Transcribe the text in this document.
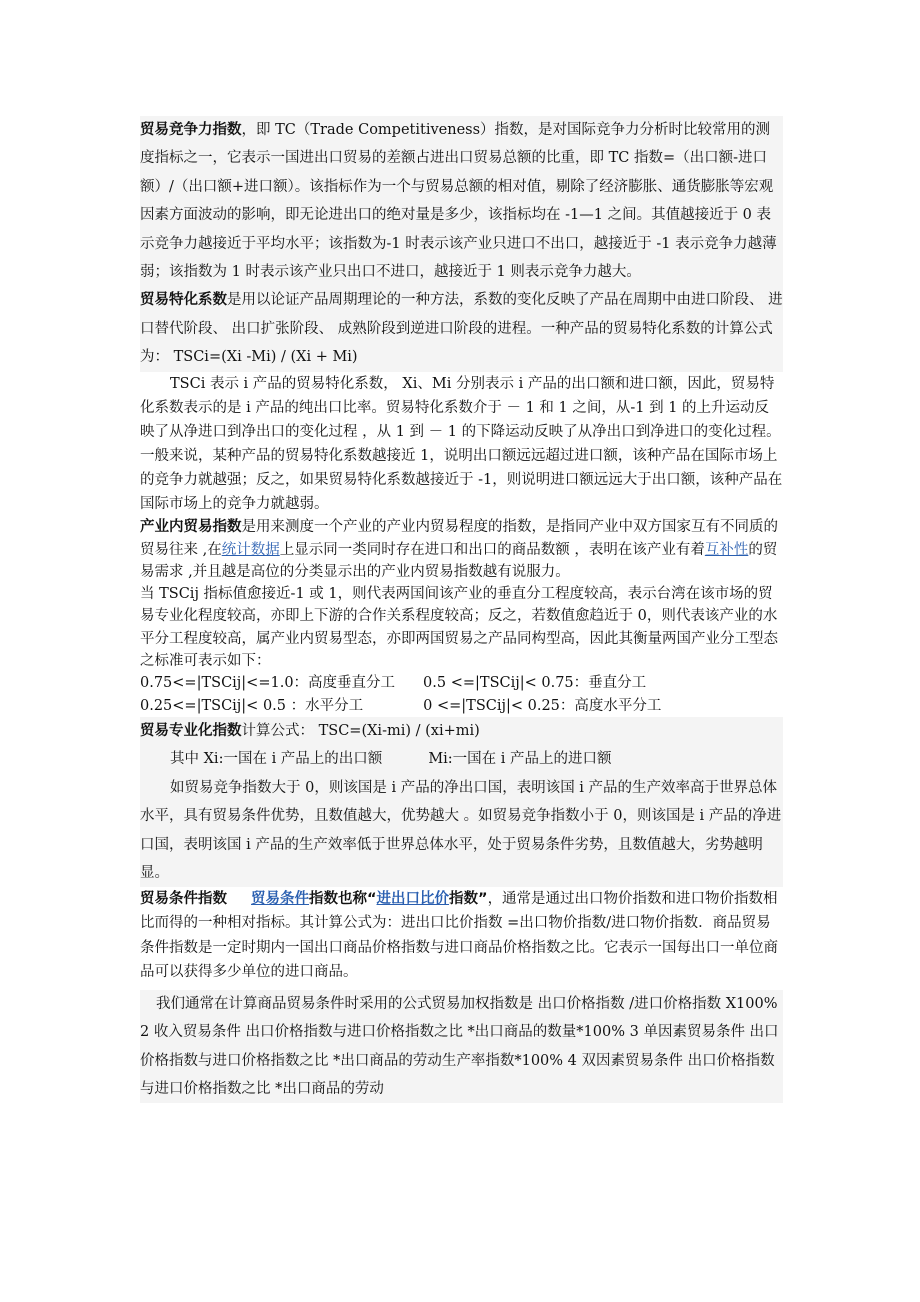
贸易竞争力指数，即 TC（Trade Competitiveness）指数，是对国际竞争力分析时比较常用的测度指标之一，它表示一国进出口贸易的差额占进出口贸易总额的比重，即 TC 指数=（出口额-进口额）/（出口额+进口额）。该指标作为一个与贸易总额的相对值，剔除了经济膨胀、通货膨胀等宏观因素方面波动的影响，即无论进出口的绝对量是多少，该指标均在 -1—1 之间。其值越接近于 0 表示竞争力越接近于平均水平；该指数为-1 时表示该产业只进口不出口，越接近于 -1 表示竞争力越薄弱；该指数为 1 时表示该产业只出口不进口，越接近于 1 则表示竞争力越大。

贸易特化系数是用以论证产品周期理论的一种方法，系数的变化反映了产品在周期中由进口阶段、 进口替代阶段、 出口扩张阶段、 成熟阶段到逆进口阶段的进程。一种产品的贸易特化系数的计算公式为： TSCi=(Xi -Mi) / (Xi + Mi)

TSCi 表示 i 产品的贸易特化系数， Xi、Mi 分别表示 i 产品的出口额和进口额，因此，贸易特化系数表示的是 i 产品的纯出口比率。贸易特化系数介于 － 1 和 1 之间，从-1 到 1 的上升运动反映了从净进口到净出口的变化过程 ，从 1 到 － 1 的下降运动反映了从净出口到净进口的变化过程。一般来说，某种产品的贸易特化系数越接近 1，说明出口额远远超过进口额，该种产品在国际市场上的竞争力就越强；反之，如果贸易特化系数越接近于 -1，则说明进口额远远大于出口额，该种产品在国际市场上的竞争力就越弱。

产业内贸易指数是用来测度一个产业的产业内贸易程度的指数，是指同产业中双方国家互有不同质的贸易往来 ,在统计数据上显示同一类同时存在进口和出口的商品数额 ，表明在该产业有着互补性的贸易需求 ,并且越是高位的分类显示出的产业内贸易指数越有说服力。

当 TSCij 指标值愈接近-1 或 1，则代表两国间该产业的垂直分工程度较高，表示台湾在该市场的贸易专业化程度较高，亦即上下游的合作关系程度较高；反之，若数值愈趋近于 0，则代表该产业的水平分工程度较高，属产业内贸易型态，亦即两国贸易之产品同构型高，因此其衡量两国产业分工型态之标准可表示如下：

0.75<=|TSCij|<=1.0：高度垂直分工 0.5 <=|TSCij|< 0.75：垂直分工

0.25<=|TSCij|< 0.5 ：水平分工	0 <=|TSCij|< 0.25：高度水平分工

贸易专业化指数计算公式： TSC=(Xi-mi) / (xi+mi)

其中 Xi:一国在 i 产品上的出口额	Mi:一国在 i 产品上的进口额

如贸易竞争指数大于 0，则该国是 i 产品的净出口国，表明该国 i 产品的生产效率高于世界总体水平，具有贸易条件优势，且数值越大，优势越大 。如贸易竞争指数小于 0，则该国是 i 产品的净进口国，表明该国 i 产品的生产效率低于世界总体水平，处于贸易条件劣势，且数值越大，劣势越明显。

贸易条件指数 贸易条件指数也称“进出口比价指数”，通常是通过出口物价指数和进口物价指数相比而得的一种相对指标。其计算公式为：进出口比价指数 =出口物价指数/进口物价指数．商品贸易条件指数是一定时期内一国出口商品价格指数与进口商品价格指数之比。它表示一国每出口一单位商品可以获得多少单位的进口商品。

我们通常在计算商品贸易条件时采用的公式贸易加权指数是 出口价格指数 /进口价格指数 X100% 2 收入贸易条件 出口价格指数与进口价格指数之比 *出口商品的数量*100% 3 单因素贸易条件 出口价格指数与进口价格指数之比 *出口商品的劳动生产率指数*100% 4 双因素贸易条件 出口价格指数与进口价格指数之比 *出口商品的劳动
